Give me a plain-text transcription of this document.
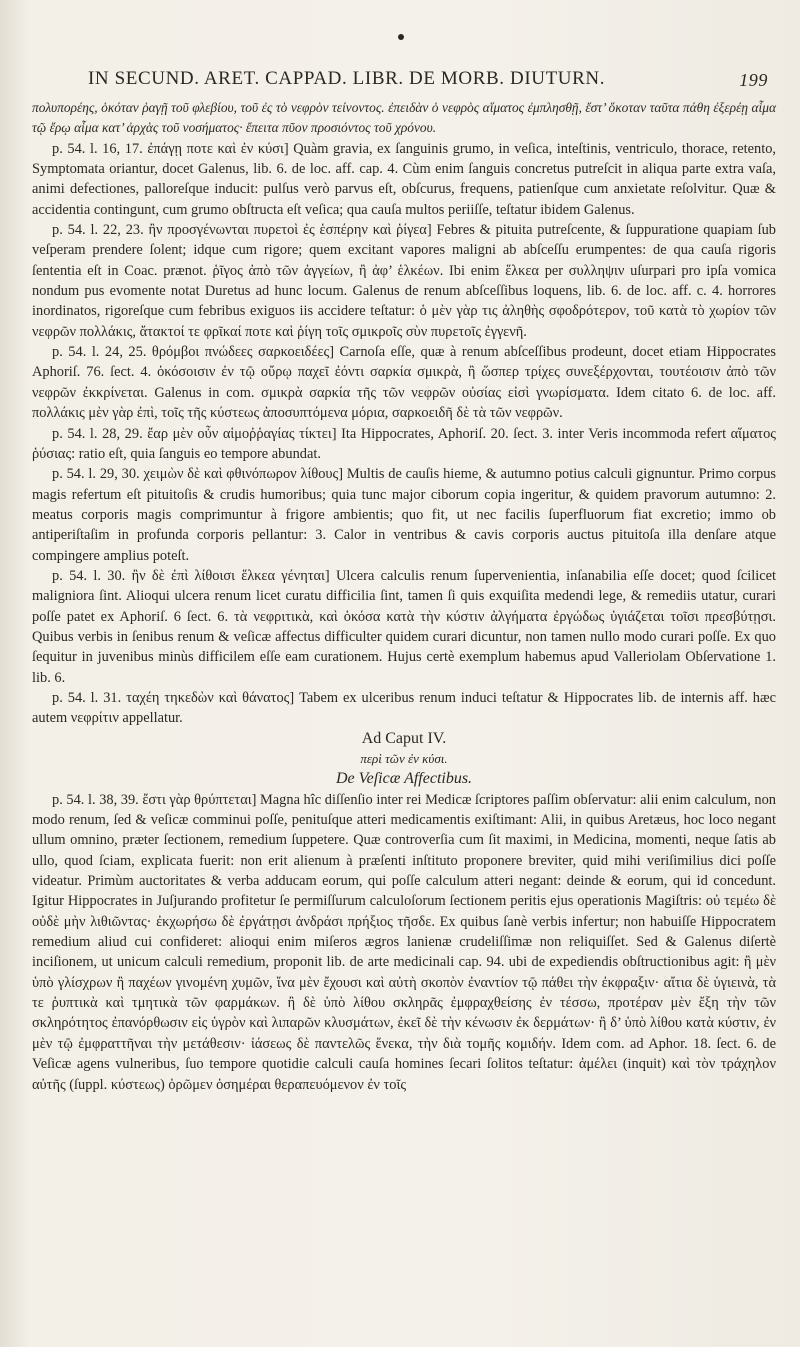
IN SECUND. ARET. CAPPAD. LIBR. DE MORB. DIUTURN.	199

πολυπορέης, ὁκόταν ῥαγῇ τοῦ φλεβίου, τοῦ ἐς τὸ νεφρὸν τείνοντος. ἐπειδὰν ὁ νεφρὸς αἵματος ἐμπλησθῇ, ἔστ’ ὅκοταν ταῦτα πάθη ἐξερέῃ αἷμα τῷ ἔρῳ αἷμα κατ’ ἀρχὰς τοῦ νοσήματος· ἔπειτα πῦον προσιόντος τοῦ χρόνου.

p. 54. l. 16, 17. ἐπάγῃ ποτε καὶ ἐν κύσι] Quàm gravia, ex ſanguinis grumo, in veſica, inteſtinis, ventriculo, thorace, retento, Symptomata oriantur, docet Galenus, lib. 6. de loc. aff. cap. 4. Cùm enim ſanguis concretus putreſcit in aliqua parte extra vaſa, animi defectiones, palloreſque inducit: pulſus verò parvus eſt, obſcurus, frequens, patienſque cum anxietate reſolvitur. Quæ & accidentia contingunt, cum grumo obſtructa eſt veſica; qua cauſa multos periiſſe, teſtatur ibidem Galenus.

p. 54. l. 22, 23. ἢν προσγένωνται πυρετοὶ ἐς ἑσπέρην καὶ ῥίγεα] Febres & pituita putreſcente, & ſuppuratione quapiam ſub veſperam prendere ſolent; idque cum rigore; quem excitant vapores maligni ab abſceſſu erumpentes: de qua cauſa rigoris ſententia eſt in Coac. prænot. ῥῖγος ἀπὸ τῶν ἀγγείων, ἢ ἀφ’ ἑλκέων. Ibi enim ἕλκεα per συλληψιν uſurpari pro ipſa vomica nondum pus evomente notat Duretus ad hunc locum. Galenus de renum abſceſſibus loquens, lib. 6. de loc. aff. c. 4. horrores inordinatos, rigoreſque cum febribus exiguos iis accidere teſtatur: ὁ μὲν γὰρ τις ἀληθὴς σφοδρότερον, τοῦ κατὰ τὸ χωρίον τῶν νεφρῶν πολλάκις, ἄτακτοί τε φρῖκαί ποτε καὶ ῥίγη τοῖς σμικροῖς σὺν πυρετοῖς ἐγγενῆ.

p. 54. l. 24, 25. θρόμβοι πνώδεες σαρκοειδέες] Carnoſa eſſe, quæ à renum abſceſſibus prodeunt, docet etiam Hippocrates Aphoriſ. 76. ſect. 4. ὁκόσοισιν ἐν τῷ οὔρῳ παχεῖ ἐόντι σαρκία σμικρὰ, ἢ ὥσπερ τρίχες συνεξέρχονται, τουτέοισιν ἀπὸ τῶν νεφρῶν ἐκκρίνεται. Galenus in com. σμικρὰ σαρκία τῆς τῶν νεφρῶν οὐσίας εἰσὶ γνωρίσματα. Idem citato 6. de loc. aff. πολλάκις μὲν γὰρ ἐπὶ, τοῖς τῆς κύστεως ἀποσυπτόμενα μόρια, σαρκοειδῆ δὲ τὰ τῶν νεφρῶν.

p. 54. l. 28, 29. ἔαρ μὲν οὖν αἱμοῤῥαγίας τίκτει] Ita Hippocrates, Aphoriſ. 20. ſect. 3. inter Veris incommoda refert αἵματος ῥύσιας: ratio eſt, quia ſanguis eo tempore abundat.

p. 54. l. 29, 30. χειμὼν δὲ καὶ φθινόπωρον λίθους] Multis de cauſis hieme, & autumno potius calculi gignuntur. Primo corpus magis refertum eſt pituitoſis & crudis humoribus; quia tunc major ciborum copia ingeritur, & quidem pravorum autumno: 2. meatus corporis magis comprimuntur à frigore ambientis; quo fit, ut nec facilis ſuperfluorum fiat excretio; immo ob antiperiſtaſim in profunda corporis pellantur: 3. Calor in ventribus & cavis corporis auctus pituitoſa illa denſare atque compingere amplius poteſt.

p. 54. l. 30. ἢν δὲ ἐπὶ λίθοισι ἕλκεα γένηται] Ulcera calculis renum ſupervenientia, inſanabilia eſſe docet; quod ſcilicet maligniora ſint. Alioqui ulcera renum licet curatu difficilia ſint, tamen ſi quis exquiſita medendi lege, & remediis utatur, curari poſſe patet ex Aphoriſ. 6 ſect. 6. τὰ νεφριτικὰ, καὶ ὁκόσα κατὰ τὴν κύστιν ἀλγήματα ἐργώδως ὑγιάζεται τοῖσι πρεσβύτῃσι. Quibus verbis in ſenibus renum & veſicæ affectus difficulter quidem curari dicuntur, non tamen nullo modo curari poſſe. Ex quo ſequitur in juvenibus minùs difficilem eſſe eam curationem. Hujus certè exemplum habemus apud Valleriolam Obſervatione 1. lib. 6.

p. 54. l. 31. ταχέη τηκεδὼν καὶ θάνατος] Tabem ex ulceribus renum induci teſtatur & Hippocrates lib. de internis aff. hæc autem νεφρίτιν appellatur.

Ad Caput IV.

περὶ τῶν ἐν κύσι.

De Veſicæ Affectibus.

p. 54. l. 38, 39. ἔστι γὰρ θρύπτεται] Magna hîc diſſenſio inter rei Medicæ ſcriptores paſſim obſervatur: alii enim calculum, non modo renum, ſed & veſicæ comminui poſſe, penituſque atteri medicamentis exiſtimant: Alii, in quibus Aretæus, hoc loco negant ullum omnino, præter ſectionem, remedium ſuppetere. Quæ controverſia cum ſit maximi, in Medicina, momenti, neque ſatis ab ullo, quod ſciam, explicata fuerit: non erit alienum à præſenti inſtituto proponere breviter, quid mihi veriſimilius dici poſſe videatur. Primùm auctoritates & verba adducam eorum, qui poſſe calculum atteri negant: deinde & eorum, qui id concedunt. Igitur Hippocrates in Juſjurando profitetur ſe permiſſurum calculoſorum ſectionem peritis ejus operationis Magiſtris: οὐ τεμέω δὲ οὐδὲ μὴν λιθιῶντας· ἐκχωρήσω δὲ ἐργάτῃσι ἀνδράσι πρήξιος τῆσδε. Ex quibus ſanè verbis infertur; non habuiſſe Hippocratem remedium aliud cui confideret: alioqui enim miſeros ægros lanienæ crudeliſſimæ non reliquiſſet. Sed & Galenus diſertè inciſionem, ut unicum calculi remedium, proponit lib. de arte medicinali cap. 94. ubi de expediendis obſtructionibus agit: ἢ μὲν ὑπὸ γλίσχρων ἢ παχέων γινομένη χυμῶν, ἵνα μὲν ἔχουσι καὶ αὐτὴ σκοπὸν ἐναντίον τῷ πάθει τὴν ἐκφραξιν· αἴτια δὲ ὑγιεινὰ, τὰ τε ῥυπτικὰ καὶ τμητικὰ τῶν φαρμάκων. ἢ δὲ ὑπὸ λίθου σκληρᾶς ἐμφραχθείσης ἐν τέσσω, προτέραν μὲν ἔξη τὴν τῶν σκληρότητος ἐπανόρθωσιν εἰς ὑγρὸν καὶ λιπαρῶν κλυσμάτων, ἐκεῖ δὲ τὴν κένωσιν ἐκ δερμάτων· ἢ δ’ ὑπὸ λίθου κατὰ κύστιν, ἐν μὲν τῷ ἐμφραττῆναι τὴν μετάθεσιν· ἰάσεως δὲ παντελῶς ἕνεκα, τὴν διὰ τομῆς κομιδήν. Idem com. ad Aphor. 18. ſect. 6. de Veſicæ agens vulneribus, ſuo tempore quotidie calculi cauſa homines ſecari ſolitos teſtatur: ἀμέλει (inquit) καὶ τὸν τράχηλον αὐτῆς (ſuppl. κύστεως) ὁρῶμεν ὁσημέραι θεραπευόμενον ἐν τοῖς
